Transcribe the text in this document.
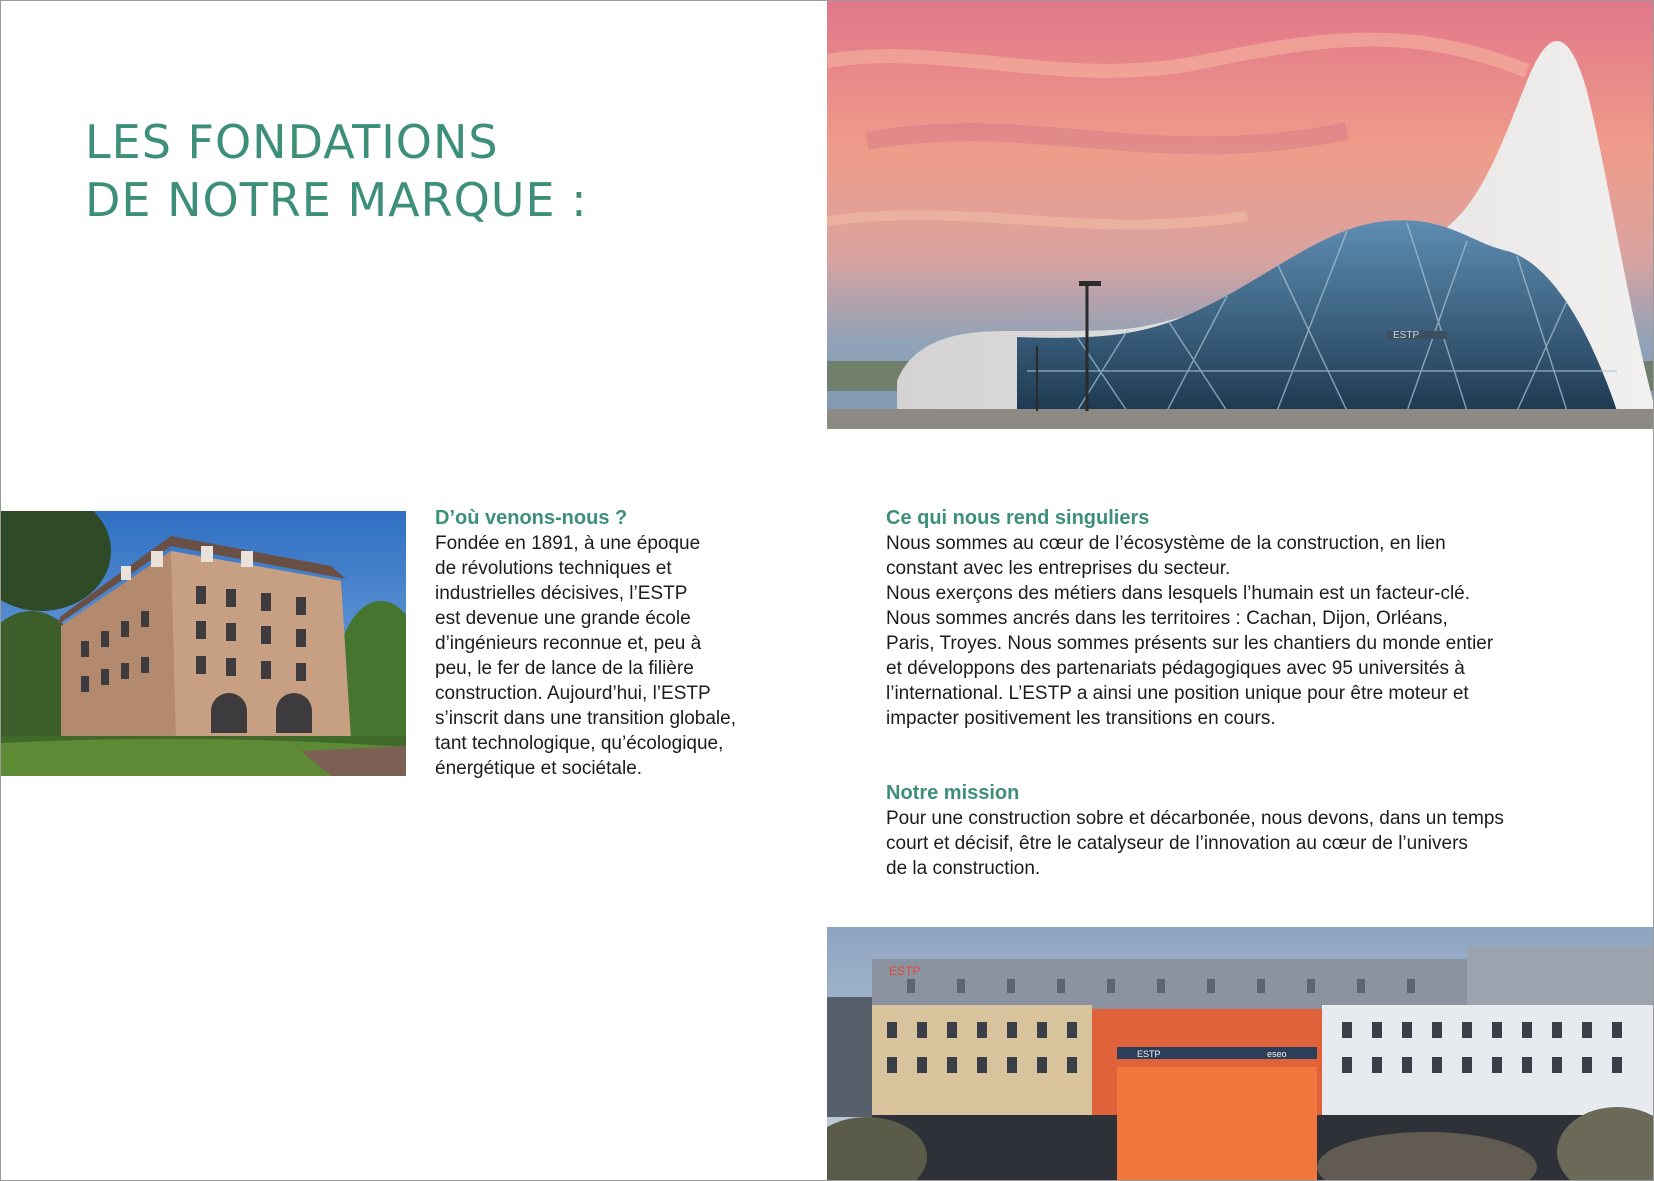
LES FONDATIONS
DE NOTRE MARQUE :
ESTP
ESTP
ESTP	eseo
D’où venons-nous ?
Fondée en 1891, à une époque
de révolutions techniques et
industrielles décisives, l’ESTP
est devenue une grande école
d’ingénieurs reconnue et, peu à
peu, le fer de lance de la filière
construction. Aujourd’hui, l’ESTP
s’inscrit dans une transition globale,
tant technologique, qu’écologique,
énergétique et sociétale.
Ce qui nous rend singuliers
Nous sommes au cœur de l’écosystème de la construction, en lien
constant avec les entreprises du secteur.
Nous exerçons des métiers dans lesquels l’humain est un facteur-clé.
Nous sommes ancrés dans les territoires : Cachan, Dijon, Orléans,
Paris, Troyes. Nous sommes présents sur les chantiers du monde entier
et développons des partenariats pédagogiques avec 95 universités à
l’international. L’ESTP a ainsi une position unique pour être moteur et
impacter positivement les transitions en cours.
Notre mission
Pour une construction sobre et décarbonée, nous devons, dans un temps
court et décisif, être le catalyseur de l’innovation au cœur de l’univers
de la construction.
